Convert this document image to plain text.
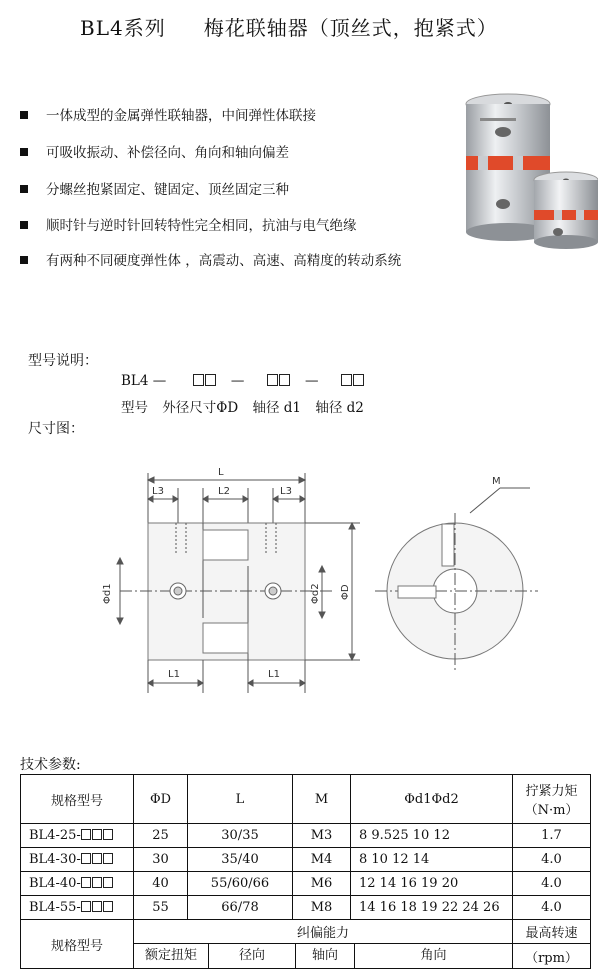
BL4系列 梅花联轴器（顶丝式，抱紧式）
一体成型的金属弹性联轴器，中间弹性体联接
可吸收振动、补偿径向、角向和轴向偏差
分螺丝抱紧固定、键固定、顶丝固定三种
顺时针与逆时针回转特性完全相同，抗油与电气绝缘
有两种不同硬度弹性体 ，高震动、高速、高精度的转动系统
型号说明：
BL4 —	—	—
型号 外径尺寸ΦD 轴径 d1 轴径 d2
尺寸图：
L
L3	L2	L3
Φd1	Φd2 ΦD
L1	L1
M
技术参数:
规格型号	ΦD	L	M	Φd1Φd2	拧紧力矩
（N·m）

BL4-25-	25	30/35	M3	8 9.525 10 12	1.7
BL4-30-	30	35/40	M4	8 10 12 14	4.0
BL4-40-	40	55/60/66	M6	12 14 16 19 20	4.0
BL4-55-	55	66/78	M8	14 16 18 19 22 24 26	4.0
规格型号	纠偏能力				最高转速

	额定扭矩 径向 轴向 角向				（rpm）
